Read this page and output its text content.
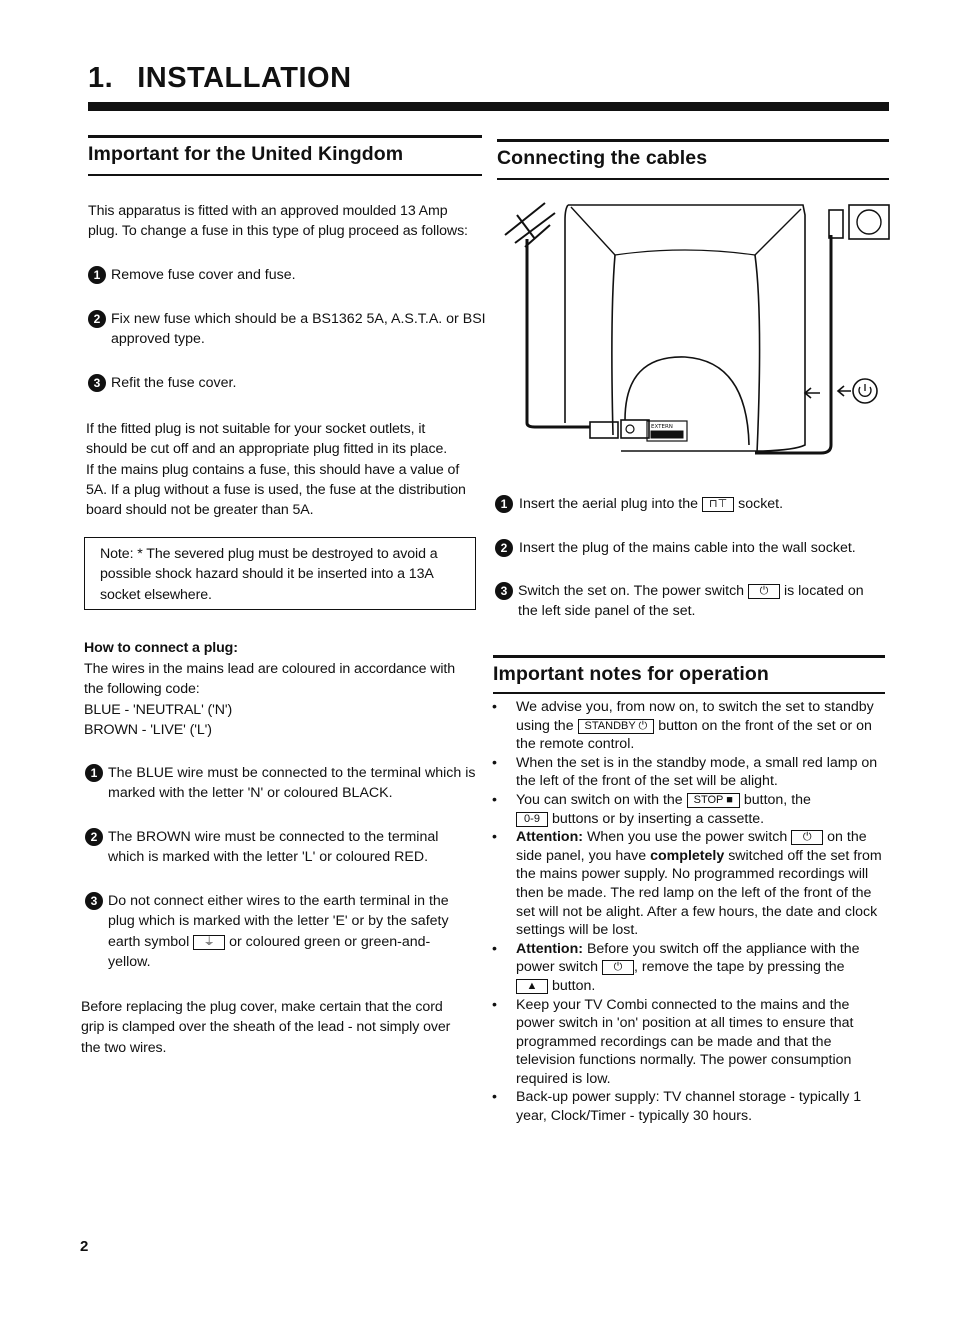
1. INSTALLATION
Important for the United Kingdom
This apparatus is fitted with an approved moulded 13 Amp
plug. To change a fuse in this type of plug proceed as follows:
1 Remove fuse cover and fuse.
2 Fix new fuse which should be a BS1362 5A, A.S.T.A. or BSI
approved type.
3 Refit the fuse cover.
If the fitted plug is not suitable for your socket outlets, it
should be cut off and an appropriate plug fitted in its place.
If the mains plug contains a fuse, this should have a value of
5A. If a plug without a fuse is used, the fuse at the distribution
board should not be greater than 5A.
Note: * The severed plug must be destroyed to avoid a
possible shock hazard should it be inserted into a 13A
socket elsewhere.
How to connect a plug:
The wires in the mains lead are coloured in accordance with
the following code:
BLUE - 'NEUTRAL' ('N')
BROWN - 'LIVE' ('L')
1 The BLUE wire must be connected to the terminal which is
marked with the letter 'N' or coloured BLACK.
2 The BROWN wire must be connected to the terminal
which is marked with the letter 'L' or coloured RED.
3 Do not connect either wires to the earth terminal in the
plug which is marked with the letter 'E' or by the safety
earth symbol ⏚ or coloured green or green-and-
yellow.
Before replacing the plug cover, make certain that the cord
grip is clamped over the sheath of the lead - not simply over
the two wires.
Connecting the cables
EXTERN
1 Insert the aerial plug into the ⊓⊤ socket.
2 Insert the plug of the mains cable into the wall socket.
3 Switch the set on. The power switch ⏻ is located on
the left side panel of the set.
Important notes for operation
• We advise you, from now on, to switch the set to standby
using the STANDBY ⏻ button on the front of the set or on
the remote control.
• When the set is in the standby mode, a small red lamp on
the left of the front of the set will be alight.
• You can switch on with the STOP ■ button, the
0-9 buttons or by inserting a cassette.
• Attention: When you use the power switch ⏻ on the
side panel, you have completely switched off the set from
the mains power supply. No programmed recordings will
then be made. The red lamp on the left of the front of the
set will not be alight. After a few hours, the date and clock
settings will be lost.
• Attention: Before you switch off the appliance with the
power switch ⏻ , remove the tape by pressing the
▲ button.
• Keep your TV Combi connected to the mains and the
power switch in 'on' position at all times to ensure that
programmed recordings can be made and that the
television functions normally. The power consumption
required is low.
• Back-up power supply: TV channel storage - typically 1
year, Clock/Timer - typically 30 hours.
2
